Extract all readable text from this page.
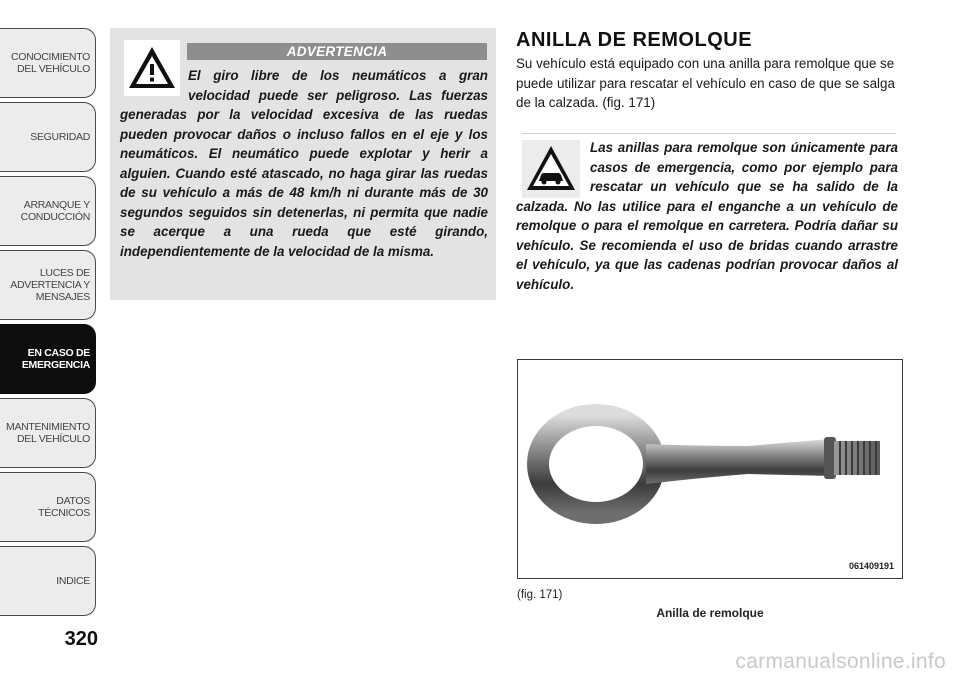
CONOCIMIENTO
DEL VEHÍCULO
SEGURIDAD
ARRANQUE Y
CONDUCCIÓN
LUCES DE
ADVERTENCIA Y
MENSAJES
EN CASO DE
EMERGENCIA
MANTENIMIENTO
DEL VEHÍCULO
DATOS
TÉCNICOS
INDICE
320
ADVERTENCIA
El giro libre de los neumáticos a gran velocidad puede ser peligroso. Las fuerzas generadas por la velocidad excesiva de las ruedas pueden provocar daños o incluso fallos en el eje y los neumáticos. El neumático puede explotar y herir a alguien. Cuando esté atascado, no haga girar las ruedas de su vehículo a más de 48 km/h ni durante más de 30 segundos seguidos sin detenerlas, ni permita que nadie se acerque a una rueda que esté girando, independientemente de la velocidad de la misma.
ANILLA DE REMOLQUE
Su vehículo está equipado con una anilla para remolque que se puede utilizar para rescatar el vehículo en caso de que se salga de la calzada. (fig. 171)
Las anillas para remolque son únicamente para casos de emergencia, como por ejemplo para rescatar un vehículo que se ha salido de la calzada. No las utilice para el enganche a un vehículo de remolque o para el remolque en carretera. Podría dañar su vehículo. Se recomienda el uso de bridas cuando arrastre el vehículo, ya que las cadenas podrían provocar daños al vehículo.
061409191
(fig. 171)
Anilla de remolque
carmanualsonline.info
